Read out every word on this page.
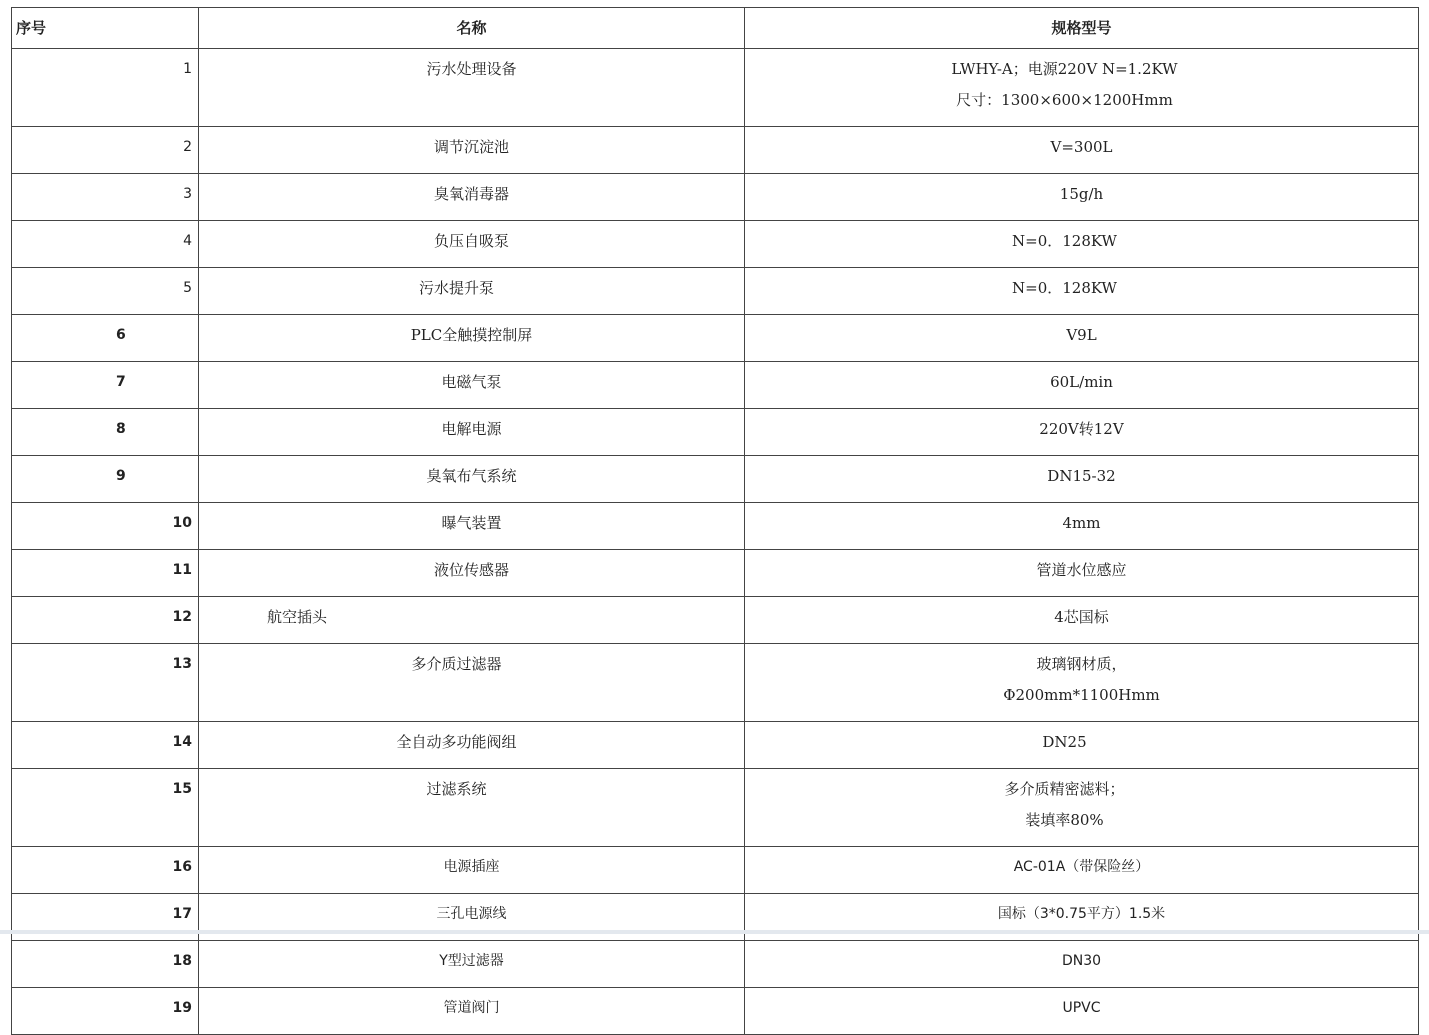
序号	名称	规格型号
1	污水处理设备	LWHY-A；电源220V N=1.2KW
尺寸：1300×600×1200Hmm

2	调节沉淀池	V=300L
3	臭氧消毒器	15g/h
4	负压自吸泵	N=0．128KW
5	污水提升泵	N=0．128KW
6	PLC全触摸控制屏	V9L
7	电磁气泵	60L/min
8	电解电源	220V转12V
9	臭氧布气系统	DN15-32
10	曝气装置	4mm
11	液位传感器	管道水位感应
12	航空插头	4芯国标
13	多介质过滤器	玻璃钢材质，
Φ200mm*1100Hmm

14	全自动多功能阀组	DN25
15	过滤系统	多介质精密滤料；
装填率80%

16	电源插座	AC-01A（带保险丝）
17	三孔电源线	国标（3*0.75平方）1.5米
18	Y型过滤器	DN30
19	管道阀门	UPVC
